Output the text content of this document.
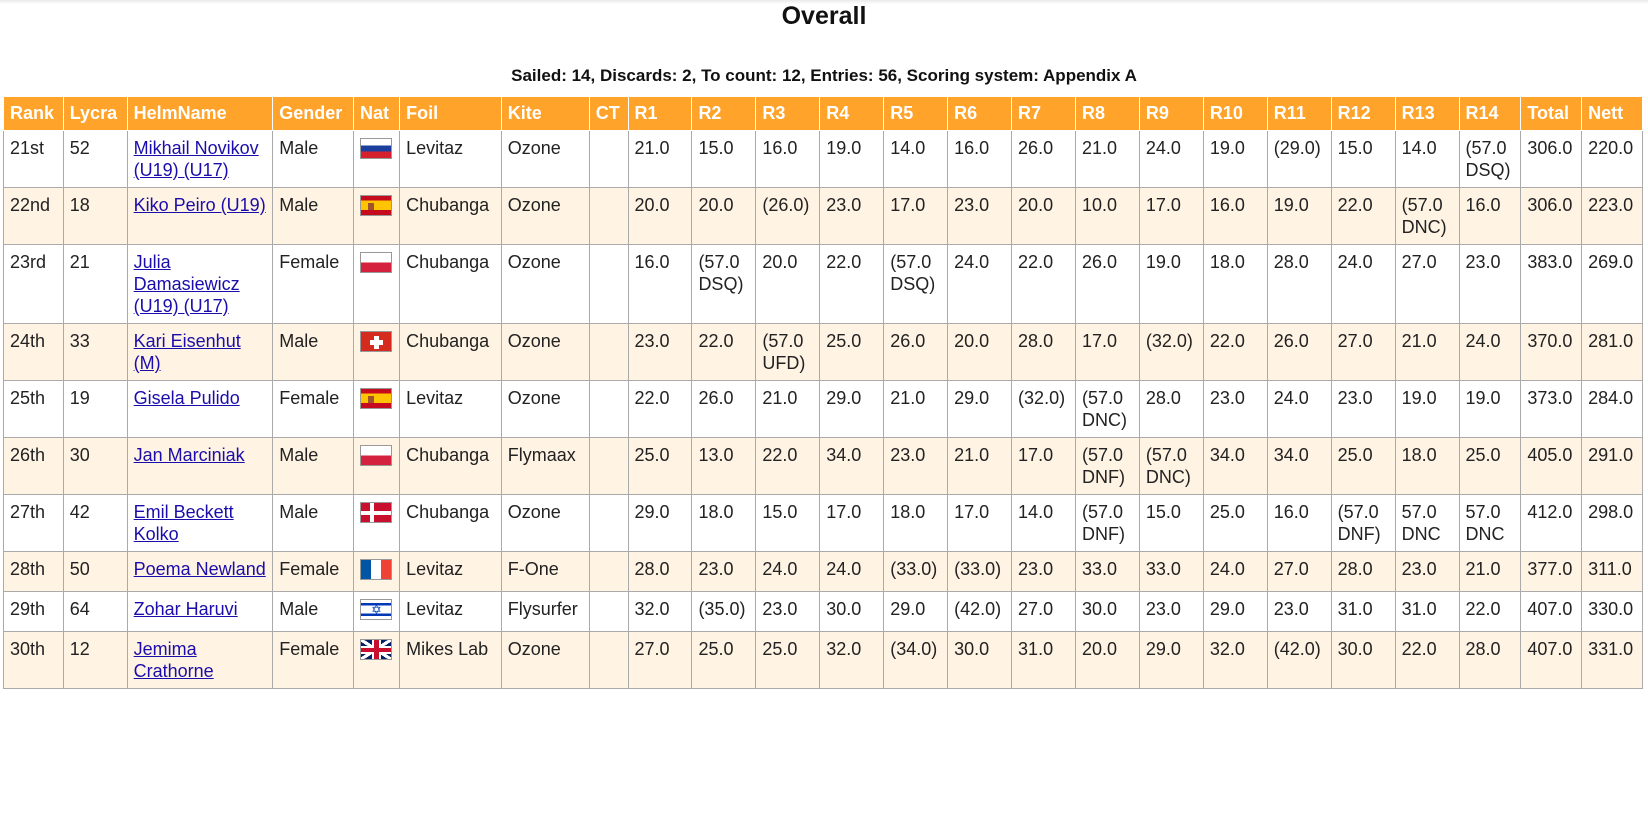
Overall
Sailed: 14, Discards: 2, To count: 12, Entries: 56, Scoring system: Appendix A
Rank	Lycra	HelmName	Gender	Nat	Foil	Kite	CT	R1	R2	R3	R4	R5	R6	R7	R8	R9	R10	R11	R12	R13	R14	Total	Nett
21st	52	Mikhail Novikov (U19) (U17)	Male		Levitaz	Ozone		21.0	15.0	16.0	19.0	14.0	16.0	26.0	21.0	24.0	19.0	(29.0)	15.0	14.0	(57.0 DSQ)	306.0	220.0
22nd	18	Kiko Peiro (U19)	Male		Chubanga	Ozone		20.0	20.0	(26.0)	23.0	17.0	23.0	20.0	10.0	17.0	16.0	19.0	22.0	(57.0 DNC)	16.0	306.0	223.0
23rd	21	Julia Damasiewicz (U19) (U17)	Female		Chubanga	Ozone		16.0	(57.0 DSQ)	20.0	22.0	(57.0 DSQ)	24.0	22.0	26.0	19.0	18.0	28.0	24.0	27.0	23.0	383.0	269.0
24th	33	Kari Eisenhut (M)	Male		Chubanga	Ozone		23.0	22.0	(57.0 UFD)	25.0	26.0	20.0	28.0	17.0	(32.0)	22.0	26.0	27.0	21.0	24.0	370.0	281.0
25th	19	Gisela Pulido	Female		Levitaz	Ozone		22.0	26.0	21.0	29.0	21.0	29.0	(32.0)	(57.0 DNC)	28.0	23.0	24.0	23.0	19.0	19.0	373.0	284.0
26th	30	Jan Marciniak	Male		Chubanga	Flymaax		25.0	13.0	22.0	34.0	23.0	21.0	17.0	(57.0 DNF)	(57.0 DNC)	34.0	34.0	25.0	18.0	25.0	405.0	291.0
27th	42	Emil Beckett Kolko	Male		Chubanga	Ozone		29.0	18.0	15.0	17.0	18.0	17.0	14.0	(57.0 DNF)	15.0	25.0	16.0	(57.0 DNF)	57.0 DNC	57.0 DNC	412.0	298.0
28th	50	Poema Newland	Female		Levitaz	F-One		28.0	23.0	24.0	24.0	(33.0)	(33.0)	23.0	33.0	33.0	24.0	27.0	28.0	23.0	21.0	377.0	311.0
29th	64	Zohar Haruvi	Male	✡	Levitaz	Flysurfer		32.0	(35.0)	23.0	30.0	29.0	(42.0)	27.0	30.0	23.0	29.0	23.0	31.0	31.0	22.0	407.0	330.0
30th	12	Jemima Crathorne	Female		Mikes Lab	Ozone		27.0	25.0	25.0	32.0	(34.0)	30.0	31.0	20.0	29.0	32.0	(42.0)	30.0	22.0	28.0	407.0	331.0
